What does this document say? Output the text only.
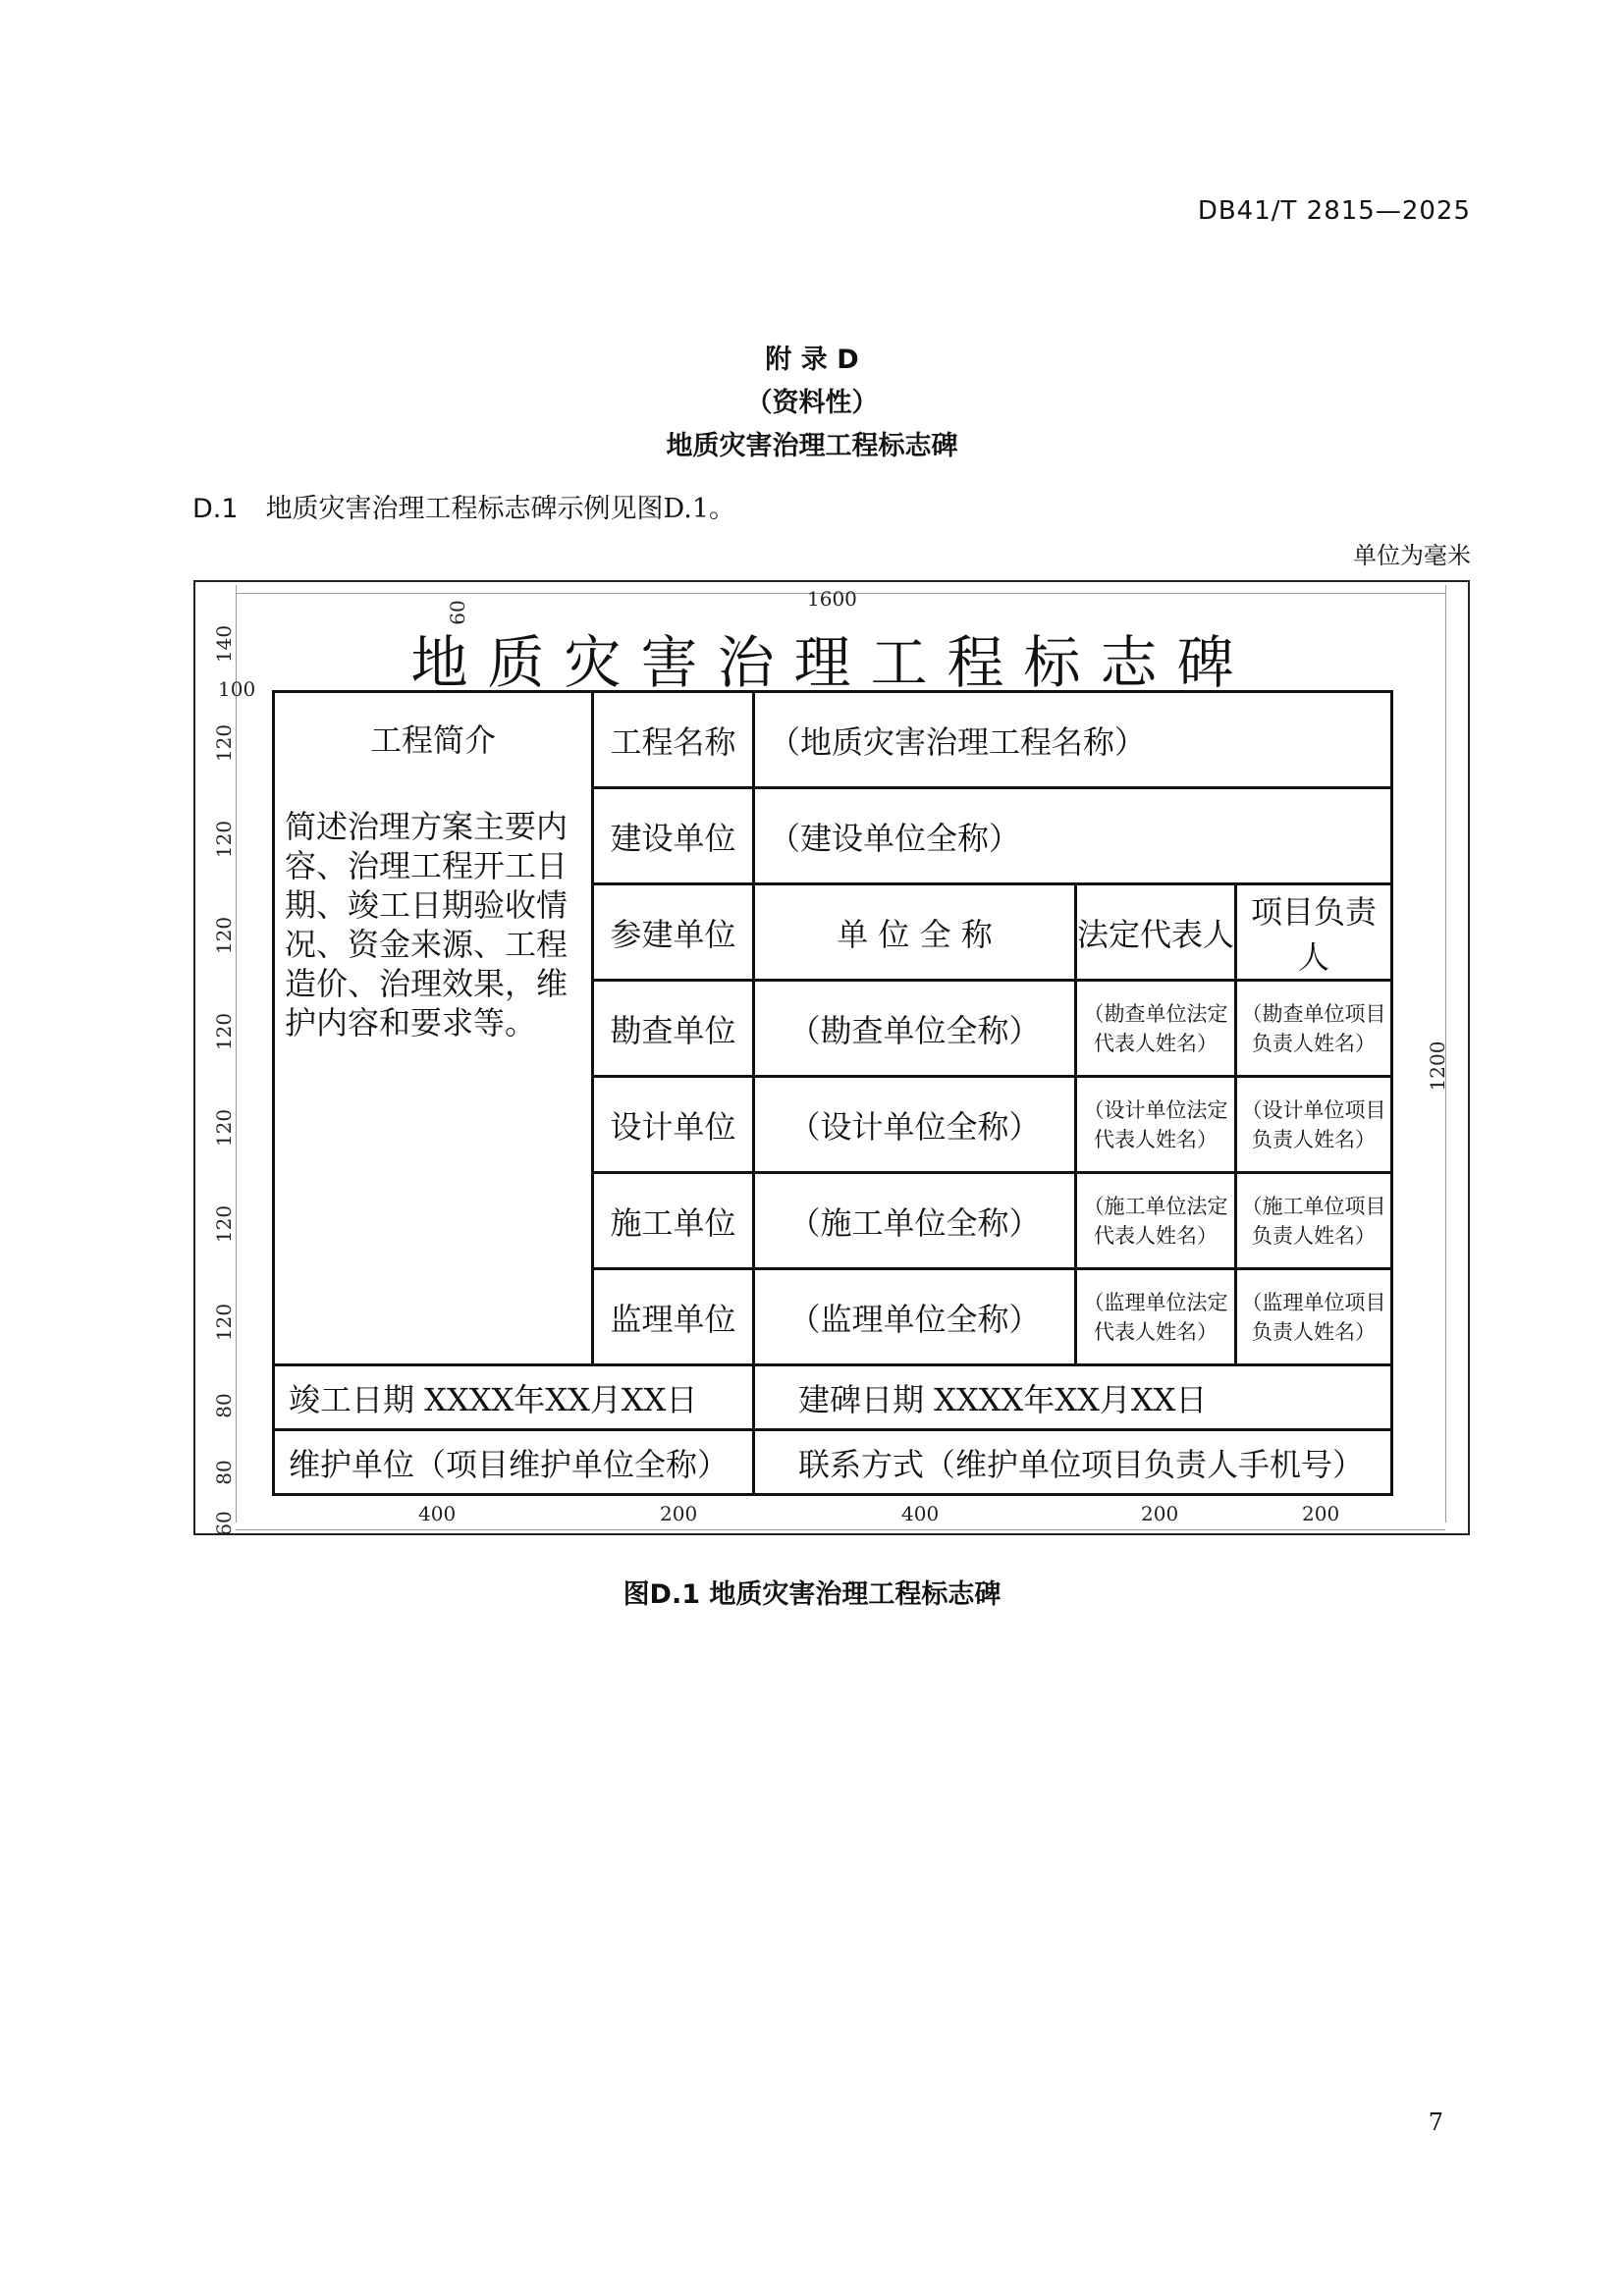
DB41/T 2815—2025
附 录 D
（资料性）
地质灾害治理工程标志碑
D.1 地质灾害治理工程标志碑示例见图D.1。
单位为毫米
1600
60
100
1200
140
120
120
120
120
120
120
120
80
80
60	400	200	400	200	200
地质灾害治理工程标志碑
工程简介
简述治理方案主要内容、治理工程开工日期、竣工日期验收情况、资金来源、工程造价、治理效果，维护内容和要求等。	工程名称	（地质灾害治理工程名称）		
	建设单位	（建设单位全称）		
	参建单位	单 位 全 称	法定代表人	项目负责人
	勘查单位	（勘查单位全称）	（勘查单位法定代表人姓名）	（勘查单位项目负责人姓名）
	设计单位	（设计单位全称）	（设计单位法定代表人姓名）	（设计单位项目负责人姓名）
	施工单位	（施工单位全称）	（施工单位法定代表人姓名）	（施工单位项目负责人姓名）
	监理单位	（监理单位全称）	（监理单位法定代表人姓名）	（监理单位项目负责人姓名）
竣工日期 XXXX年XX月XX日		建碑日期 XXXX年XX月XX日		
维护单位（项目维护单位全称）		联系方式（维护单位项目负责人手机号）		
图D.1 地质灾害治理工程标志碑
7
